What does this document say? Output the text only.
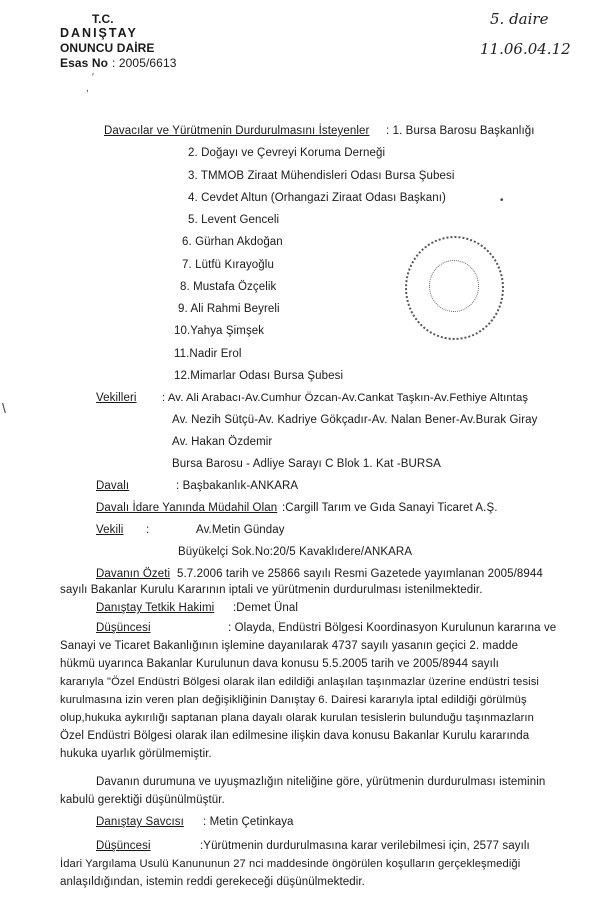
T.C.
DANIŞTAY
ONUNCU DAİRE
Esas No : 2005/6613
5. daire
11.06.04.12
′
,
\
•
Davacılar ve Yürütmenin Durdurulmasını İsteyenler : 1. Bursa Barosu Başkanlığı
2. Doğayı ve Çevreyi Koruma Derneği
3. TMMOB Ziraat Mühendisleri Odası Bursa Şubesi
4. Cevdet Altun (Orhangazi Ziraat Odası Başkanı)
5. Levent Genceli
6. Gürhan Akdoğan
7. Lütfü Kırayoğlu
8. Mustafa Özçelik
9. Ali Rahmi Beyreli
10.Yahya Şimşek
11.Nadir Erol
12.Mimarlar Odası Bursa Şubesi
Vekilleri : Av. Ali Arabacı-Av.Cumhur Özcan-Av.Cankat Taşkın-Av.Fethiye Altıntaş
Av. Nezih Sütçü-Av. Kadriye Gökçadır-Av. Nalan Bener-Av.Burak Giray
Av. Hakan Özdemir
Bursa Barosu - Adliye Sarayı C Blok 1. Kat -BURSA
Davalı	: Başbakanlık-ANKARA
Davalı İdare Yanında Müdahil Olan :Cargill Tarım ve Gıda Sanayi Ticaret A.Ş.
Vekili :	Av.Metin Günday
Büyükelçi Sok.No:20/5 Kavaklıdere/ANKARA
Davanın Özeti 5.7.2006 tarih ve 25866 sayılı Resmi Gazetede yayımlanan 2005/8944
sayılı Bakanlar Kurulu Kararının iptali ve yürütmenin durdurulması istenilmektedir.
Danıştay Tetkik Hakimi :Demet Ünal
Düşüncesi	: Olayda, Endüstri Bölgesi Koordinasyon Kurulunun kararına ve
Sanayi ve Ticaret Bakanlığının işlemine dayanılarak 4737 sayılı yasanın geçici 2. madde
hükmü uyarınca Bakanlar Kurulunun dava konusu 5.5.2005 tarih ve 2005/8944 sayılı
kararıyla "Özel Endüstri Bölgesi olarak ilan edildiği anlaşılan taşınmazlar üzerine endüstri tesisi
kurulmasına izin veren plan değişikliğinin Danıştay 6. Dairesi kararıyla iptal edildiği görülmüş
olup,hukuka aykırılığı saptanan plana dayalı olarak kurulan tesislerin bulunduğu taşınmazların
Özel Endüstri Bölgesi olarak ilan edilmesine ilişkin dava konusu Bakanlar Kurulu kararında
hukuka uyarlık görülmemiştir.
Davanın durumuna ve uyuşmazlığın niteliğine göre, yürütmenin durdurulması isteminin
kabulü gerektiği düşünülmüştür.
Danıştay Savcısı : Metin Çetinkaya
Düşüncesi	:Yürütmenin durdurulmasına karar verilebilmesi için, 2577 sayılı
İdari Yargılama Usulü Kanununun 27 nci maddesinde öngörülen koşulların gerçekleşmediği
anlaşıldığından, istemin reddi gerekeceği düşünülmektedir.
